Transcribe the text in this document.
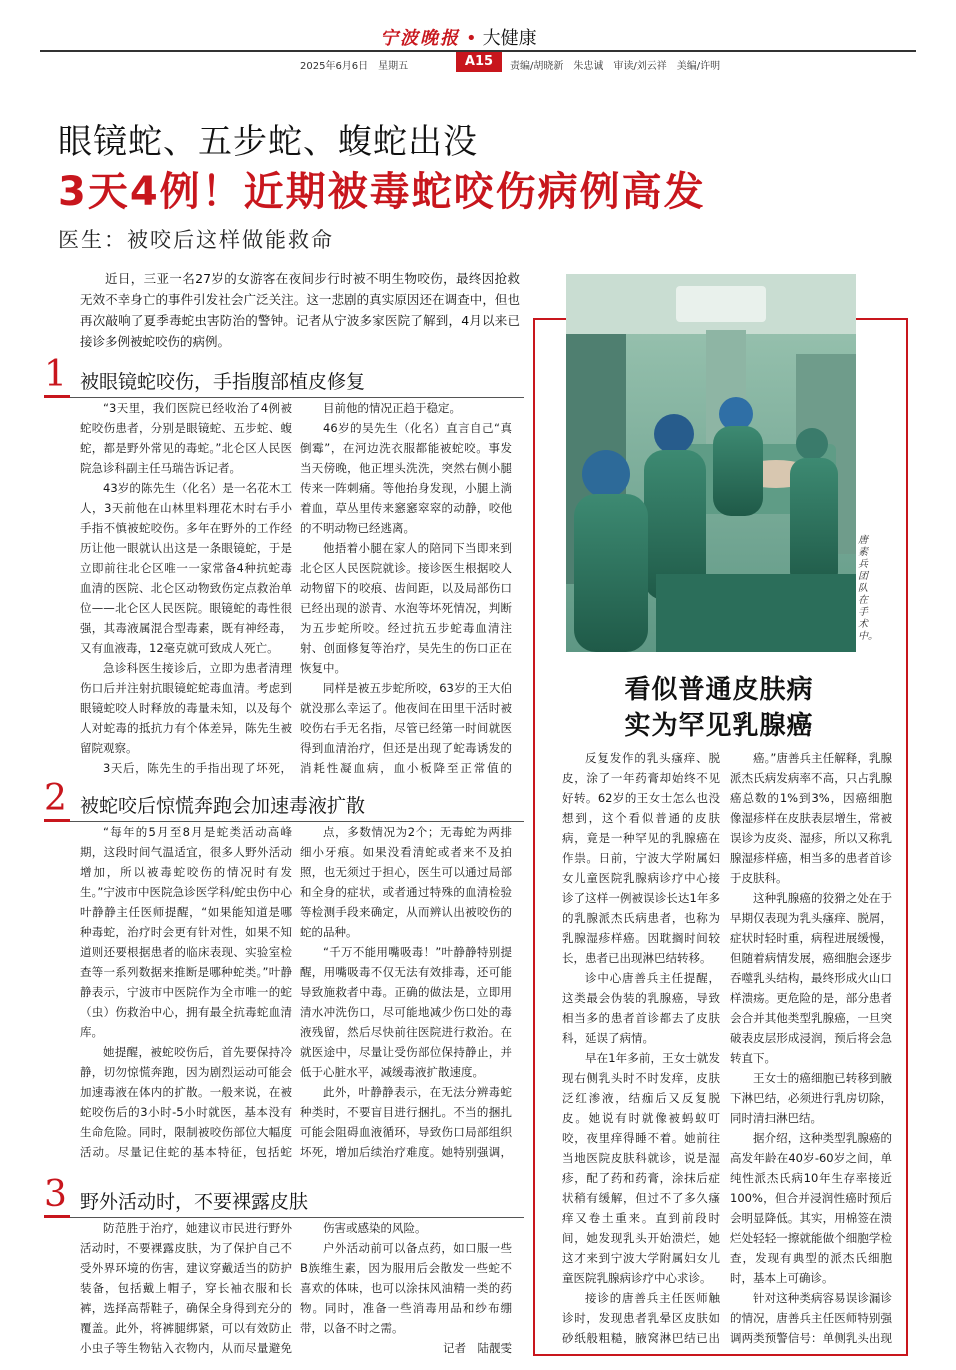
宁波晚报 • 大健康
2025年6月6日　星期五	A15	责编/胡晓新　朱忠诚　审读/刘云祥　美编/许明
眼镜蛇、五步蛇、蝮蛇出没
3天4例！近期被毒蛇咬伤病例高发
医生：被咬后这样做能救命
近日，三亚一名27岁的女游客在夜间步行时被不明生物咬伤，最终因抢救无效不幸身亡的事件引发社会广泛关注。这一悲剧的真实原因还在调查中，但也再次敲响了夏季毒蛇虫害防治的警钟。记者从宁波多家医院了解到，4月以来已接诊多例被蛇咬伤的病例。
1 被眼镜蛇咬伤，手指腹部植皮修复

“3天里，我们医院已经收治了4例被蛇咬伤患者，分别是眼镜蛇、五步蛇、蝮蛇，都是野外常见的毒蛇。”北仑区人民医院急诊科副主任马瑞告诉记者。

43岁的陈先生（化名）是一名花木工人，3天前他在山林里料理花木时右手小手指不慎被蛇咬伤。多年在野外的工作经历让他一眼就认出这是一条眼镜蛇，于是立即前往北仑区唯一一家常备4种抗蛇毒血清的医院、北仑区动物致伤定点救治单位——北仑区人民医院。眼镜蛇的毒性很强，其毒液属混合型毒素，既有神经毒，又有血液毒，12毫克就可致成人死亡。

急诊科医生接诊后，立即为患者清理伤口后并注射抗眼镜蛇蛇毒血清。考虑到眼镜蛇咬人时释放的毒量未知，以及每个人对蛇毒的抵抗力有个体差异，陈先生被留院观察。

3天后，陈先生的手指出现了坏死，

目前他的情况正趋于稳定。

46岁的吴先生（化名）直言自己“真倒霉”，在河边洗衣服都能被蛇咬。事发当天傍晚，他正埋头洗洗，突然右侧小腿传来一阵刺痛。等他抬身发现，小腿上淌着血，草丛里传来窸窸窣窣的动静，咬他的不明动物已经逃离。

他捂着小腿在家人的陪同下当即来到北仑区人民医院就诊。接诊医生根据咬人动物留下的咬痕、齿间距，以及局部伤口已经出现的淤青、水泡等坏死情况，判断为五步蛇所咬。经过抗五步蛇毒血清注射、创面修复等治疗，吴先生的伤口正在恢复中。

同样是被五步蛇所咬，63岁的王大伯就没那么幸运了。他夜间在田里干活时被咬伤右手无名指，尽管已经第一时间就医得到血清治疗，但还是出现了蛇毒诱发的消耗性凝血病，血小板降至正常值的

2 被蛇咬后惊慌奔跑会加速毒液扩散

“每年的5月至8月是蛇类活动高峰期，这段时间气温适宜，很多人野外活动增加，所以被毒蛇咬伤的情况时有发生。”宁波市中医院急诊医学科/蛇虫伤中心叶静静主任医师提醒，“如果能知道是哪种毒蛇，治疗时会更有针对性，如果不知道则还要根据患者的临床表现、实验室检查等一系列数据来推断是哪种蛇类。”叶静静表示，宁波市中医院作为全市唯一的蛇（虫）伤救治中心，拥有最全抗毒蛇血清库。

她提醒，被蛇咬伤后，首先要保持冷静，切勿惊慌奔跑，因为剧烈运动可能会加速毒液在体内的扩散。一般来说，在被蛇咬伤后的3小时-5小时就医，基本没有生命危险。同时，限制被咬伤部位大幅度活动。尽量记住蛇的基本特征，包括蛇

点，多数情况为2个；无毒蛇为两排细小牙痕。如果没看清蛇或者来不及拍照，也无须过于担心，医生可以通过局部和全身的症状，或者通过特殊的血清检验等检测手段来确定，从而辨认出被咬伤的蛇的品种。

“千万不能用嘴吸毒！”叶静静特别提醒，用嘴吸毒不仅无法有效排毒，还可能导致施救者中毒。正确的做法是，立即用清水冲洗伤口，尽可能地减少伤口处的毒液残留，然后尽快前往医院进行救治。在就医途中，尽量让受伤部位保持静止，并低于心脏水平，减缓毒液扩散速度。

此外，叶静静表示，在无法分辨毒蛇种类时，不要盲目进行捆扎。不当的捆扎可能会阻碍血液循环，导致伤口局部组织坏死，增加后续治疗难度。她特别强调，

3 野外活动时，不要裸露皮肤

防范胜于治疗，她建议市民进行野外活动时，不要裸露皮肤，为了保护自己不受外界环境的伤害，建议穿戴适当的防护装备，包括戴上帽子，穿长袖衣服和长裤，选择高帮鞋子，确保全身得到充分的覆盖。此外，将裤腿绑紧，可以有效防止小虫子等生物钻入衣物内，从而尽量避免

伤害或感染的风险。

户外活动前可以备点药，如口服一些B族维生素，因为服用后会散发一些蛇不喜欢的体味，也可以涂抹风油精一类的药物。同时，准备一些消毒用品和纱布绷带，以备不时之需。

记者　陆靓雯
唐素兵团队在手术中。
看似普通皮肤病
实为罕见乳腺癌

反复发作的乳头瘙痒、脱皮，涂了一年药膏却始终不见好转。62岁的王女士怎么也没想到，这个看似普通的皮肤病，竟是一种罕见的乳腺癌在作祟。日前，宁波大学附属妇女儿童医院乳腺病诊疗中心接诊了这样一例被误诊长达1年多的乳腺派杰氏病患者，也称为乳腺湿疹样癌。因耽搁时间较长，患者已出现淋巴结转移。

诊中心唐善兵主任提醒，这类最会伪装的乳腺癌，导致相当多的患者首诊都去了皮肤科，延误了病情。

早在1年多前，王女士就发现右侧乳头时不时发痒，皮肤泛红渗液，结痂后又反复脱皮。她说有时就像被蚂蚁叮咬，夜里痒得睡不着。她前往当地医院皮肤科就诊，说是湿疹，配了药和药膏，涂抹后症状稍有缓解，但过不了多久瘙痒又卷土重来。直到前段时间，她发现乳头开始溃烂，她这才来到宁波大学附属妇女儿童医院乳腺病诊疗中心求诊。

接诊的唐善兵主任医师触诊时，发现患者乳晕区皮肤如砂纸般粗糙，腋窝淋巴结已出

癌。”唐善兵主任解释，乳腺派杰氏病发病率不高，只占乳腺癌总数的1%到3%，因癌细胞像湿疹样在皮肤表层增生，常被误诊为皮炎、湿疹，所以又称乳腺湿疹样癌，相当多的患者首诊于皮肤科。

这种乳腺癌的狡猾之处在于早期仅表现为乳头瘙痒、脱屑，症状时轻时重，病程进展缓慢，但随着病情发展，癌细胞会逐步吞噬乳头结构，最终形成火山口样溃疡。更危险的是，部分患者会合并其他类型乳腺癌，一旦突破表皮层形成浸润，预后将会急转直下。

王女士的癌细胞已转移到腋下淋巴结，必须进行乳房切除，同时清扫淋巴结。

据介绍，这种类型乳腺癌的高发年龄在40岁-60岁之间，单纯性派杰氏病10年生存率接近100%，但合并浸润性癌时预后会明显降低。其实，用棉签在溃烂处轻轻一擦就能做个细胞学检查，发现有典型的派杰氏细胞时，基本上可确诊。

针对这种类病容易误诊漏诊的情况，唐善兵主任医师特别强调两类预警信号：单侧乳头出现
